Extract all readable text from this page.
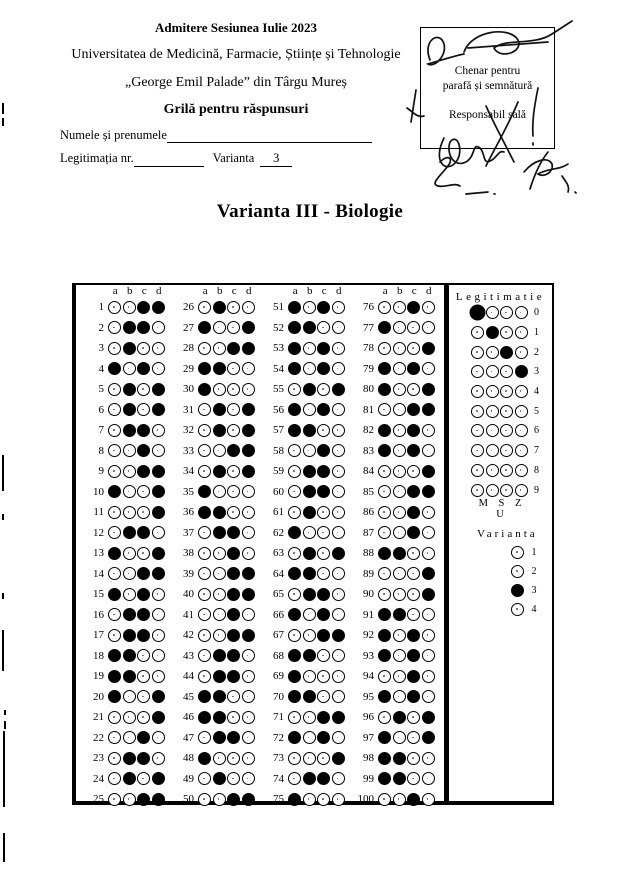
Admitere Sesiunea Iulie 2023
Universitatea de Medicină, Farmacie, Științe și Tehnologie
„George Emil Palade” din Târgu Mureș
Grilă pentru răspunsuri
Numele și prenumele
Legitimația nr.	Varianta 3
Chenar pentru
parafă și semnătură
Responsabil sală
Varianta III - Biologie
a b c d
1
2
3
4
5
6
7
8
9
10
11
12
13
14
15
16
17
18
19
20
21
22
23
24
25
a b c d
26
27
28
29
30
31
32
33
34
35
36
37
38
39
40
41
42
43
44
45
46
47
48
49
50
a b c d
51
52
53
54
55
56
57
58
59
60
61
62
63
64
65
66
67
68
69
70
71
72
73
74
75
a b c d
76
77
78
79
80
81
82
83
84
85
86
87
88
89
90
91
92
93
94
95
96
97
98
99
100
Legitimatie
0
1
2
3
4
5
6
7
8
9
M S Z U
Varianta
1
2
3
4
